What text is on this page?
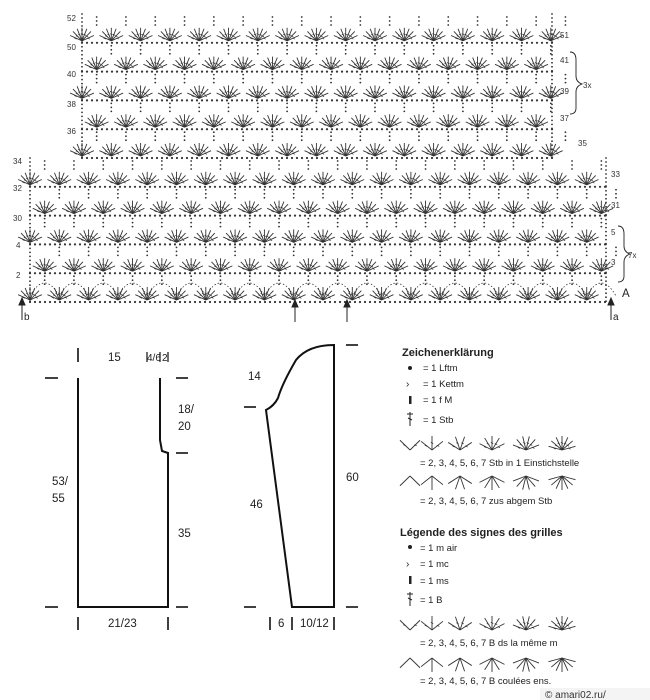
52
50
40
38
36
34
32
30
4
2
51
41
39
37
35
33
31
5
3
3x
7x
b	a
A
15	4/6 2
18/
20
53/
55
35
21/23
14
46
60
6 10/12
Zeichenerklärung
= 1 Lftm
› = 1 Kettm
= 1 f M
= 1 Stb
= 2, 3, 4, 5, 6, 7 Stb in 1 Einstichstelle
= 2, 3, 4, 5, 6, 7 zus abgem Stb
Légende des signes des grilles
= 1 m air
› = 1 mc
= 1 ms
= 1 B
= 2, 3, 4, 5, 6, 7 B ds la même m
= 2, 3, 4, 5, 6, 7 B coulées ens.
© amari02.ru/
